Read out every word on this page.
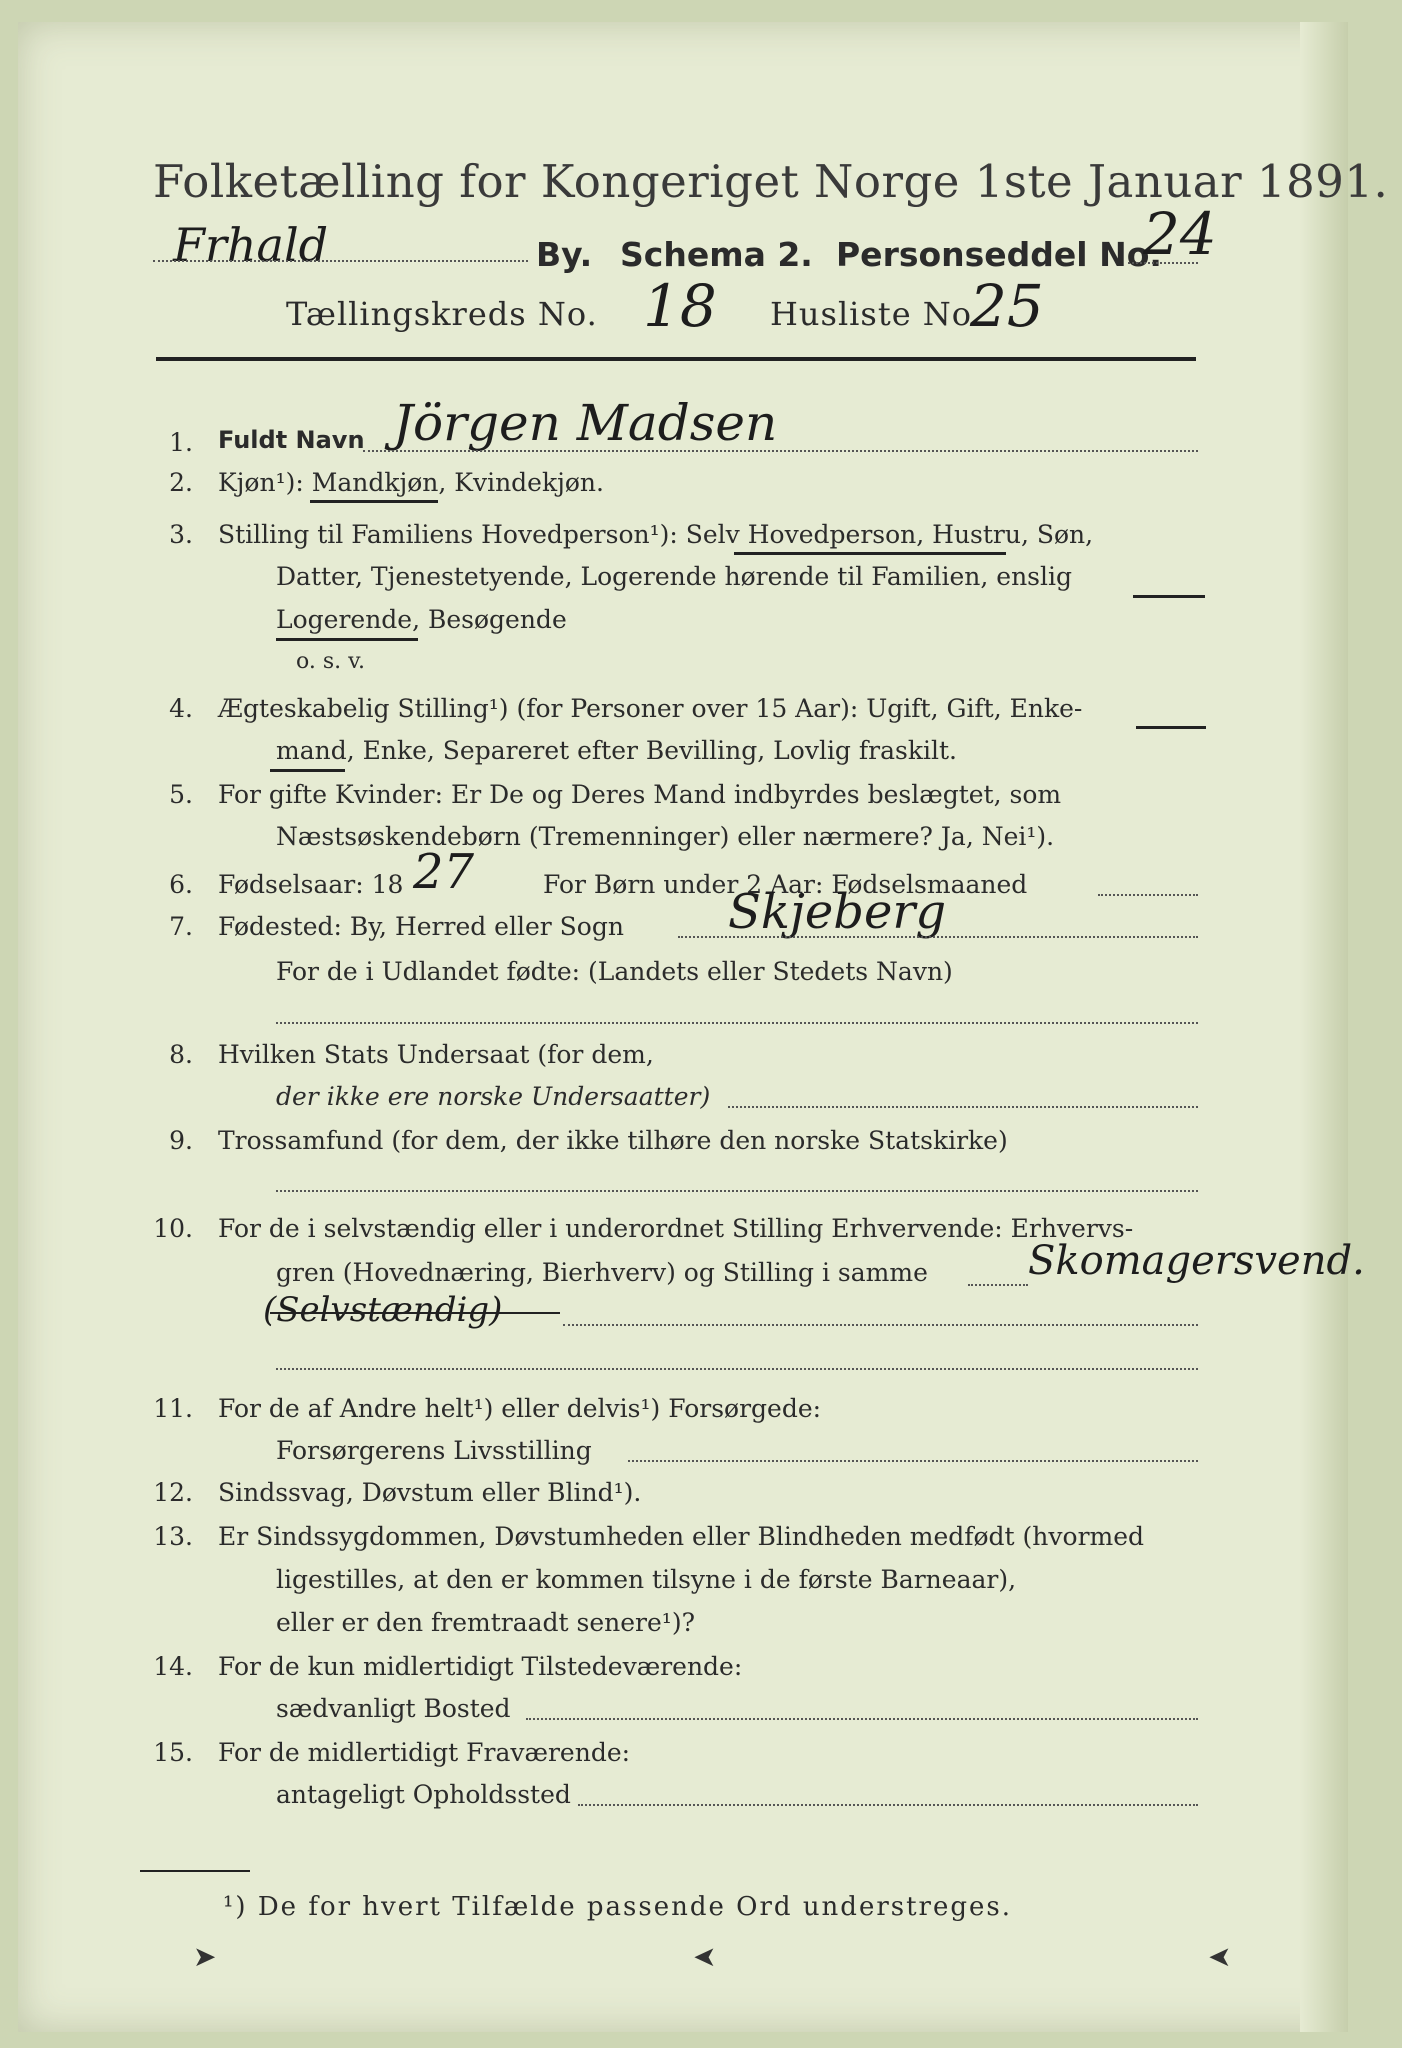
Folketælling for Kongeriget Norge 1ste Januar 1891.
Frhald	By. Schema 2. Personseddel No.
24
Tællingskreds No. 18 Husliste No.
25
1. Fuldt Navn Jörgen Madsen
2. Kjøn¹): Mandkjøn, Kvindekjøn.
3. Stilling til Familiens Hovedperson¹): Selv Hovedperson, Hustru, Søn,
Datter, Tjenestetyende, Logerende hørende til Familien, enslig
Logerende, Besøgende
o. s. v.
4. Ægteskabelig Stilling¹) (for Personer over 15 Aar): Ugift, Gift, Enke-
mand, Enke, Separeret efter Bevilling, Lovlig fraskilt.
5. For gifte Kvinder: Er De og Deres Mand indbyrdes beslægtet, som
Næstsøskendebørn (Tremenninger) eller nærmere? Ja, Nei¹).
6. Fødselsaar: 18 27	For Børn under 2 Aar: Fødselsmaaned
7. Fødested: By, Herred eller Sogn Skjeberg
For de i Udlandet fødte: (Landets eller Stedets Navn)
8. Hvilken Stats Undersaat (for dem,
der ikke ere norske Undersaatter)
9. Trossamfund (for dem, der ikke tilhøre den norske Statskirke)
10. For de i selvstændig eller i underordnet Stilling Erhvervende: Erhvervs-
gren (Hovednæring, Bierhverv) og Stilling i samme	Skomagersvend.
(Selvstændig)
11. For de af Andre helt¹) eller delvis¹) Forsørgede:
Forsørgerens Livsstilling
12. Sindssvag, Døvstum eller Blind¹).
13. Er Sindssygdommen, Døvstumheden eller Blindheden medfødt (hvormed
ligestilles, at den er kommen tilsyne i de første Barneaar),
eller er den fremtraadt senere¹)?
14. For de kun midlertidigt Tilstedeværende:
sædvanligt Bosted
15. For de midlertidigt Fraværende:
antageligt Opholdssted
¹) De for hvert Tilfælde passende Ord understreges.
➤	➤	➤
